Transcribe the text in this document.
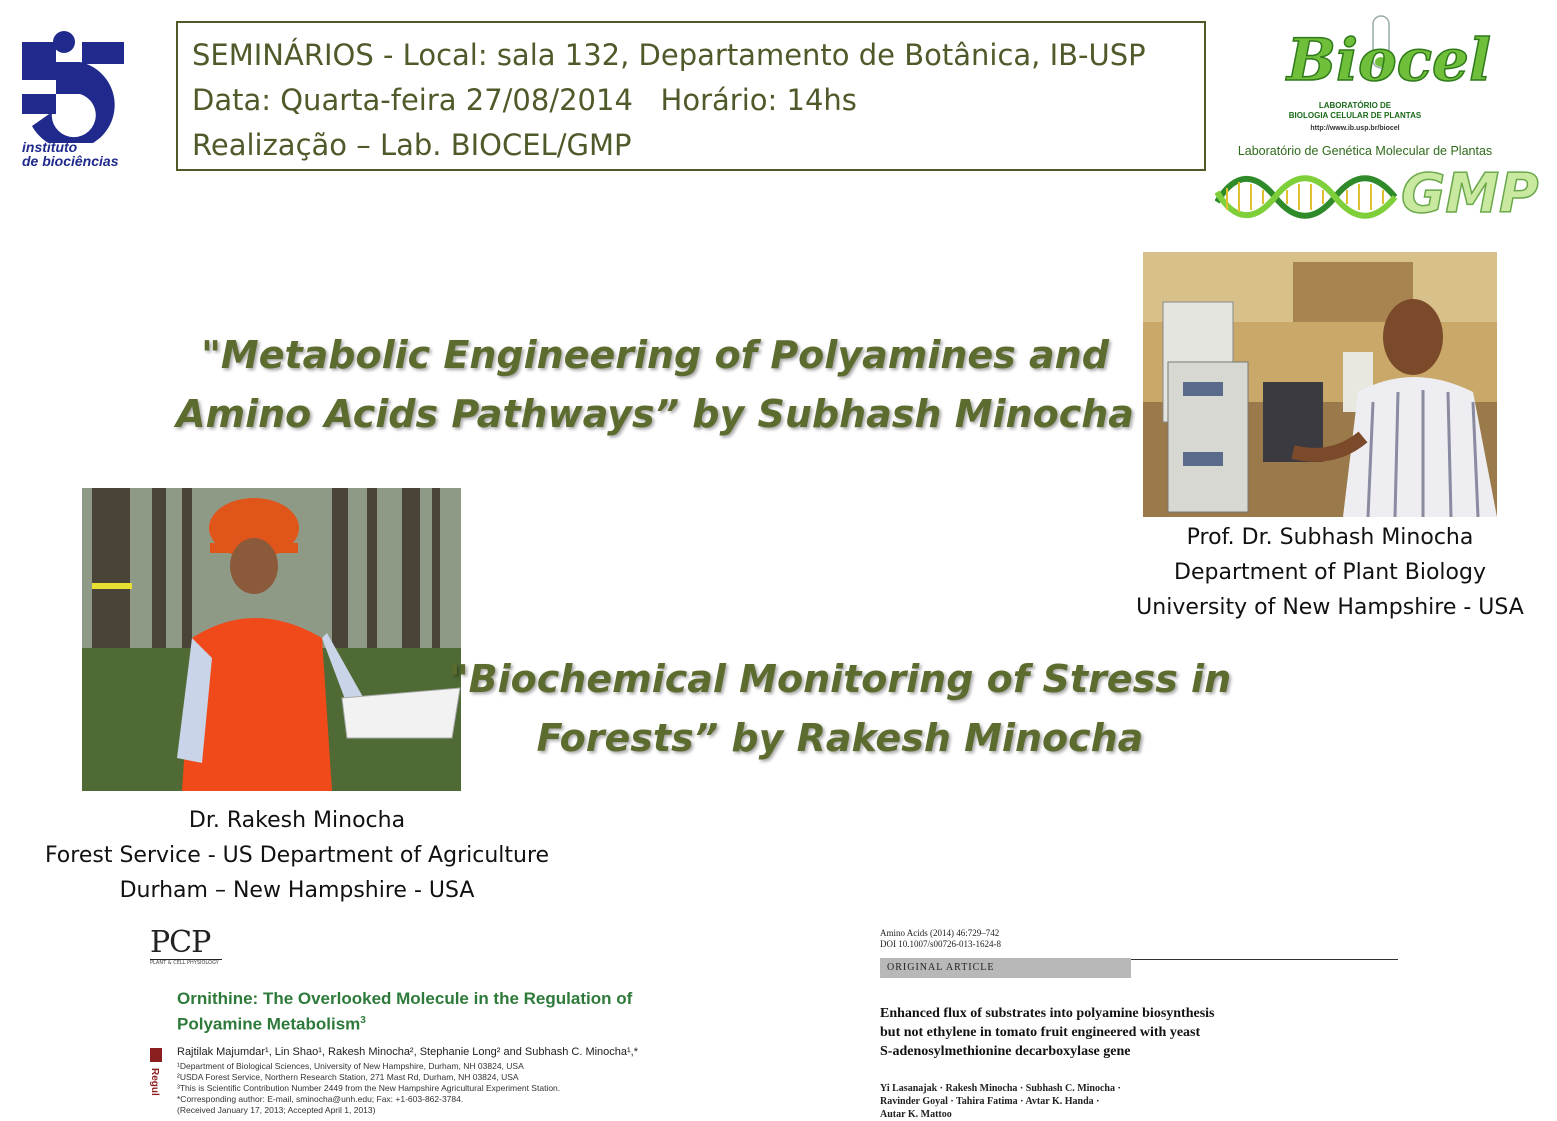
instituto
de biociências
SEMINÁRIOS - Local: sala 132, Departamento de Botânica, IB-USP
Data: Quarta-feira 27/08/2014   Horário: 14hs
Realização – Lab. BIOCEL/GMP
Biocel
LABORATÓRIO DE
BIOLOGIA CELULAR DE PLANTAS
http://www.ib.usp.br/biocel
Laboratório de Genética Molecular de Plantas
GMP
"Metabolic Engineering of Polyamines and
Amino Acids Pathways” by Subhash Minocha
Prof. Dr. Subhash Minocha
Department of Plant Biology
University of New Hampshire - USA
Dr. Rakesh Minocha
Forest Service - US Department of Agriculture
Durham – New Hampshire - USA
"Biochemical Monitoring of Stress in
Forests” by Rakesh Minocha
PCP
PLANT & CELL PHYSIOLOGY
Ornithine: The Overlooked Molecule in the Regulation of
Polyamine Metabolism$^3$
Rajtilak Majumdar¹, Lin Shao¹, Rakesh Minocha², Stephanie Long² and Subhash C. Minocha¹,*
¹Department of Biological Sciences, University of New Hampshire, Durham, NH 03824, USA
²USDA Forest Service, Northern Research Station, 271 Mast Rd, Durham, NH 03824, USA
³This is Scientific Contribution Number 2449 from the New Hampshire Agricultural Experiment Station.
*Corresponding author: E-mail, sminocha@unh.edu; Fax: +1-603-862-3784.
(Received January 17, 2013; Accepted April 1, 2013)
Regul
Amino Acids (2014) 46:729–742
DOI 10.1007/s00726-013-1624-8
ORIGINAL ARTICLE
Enhanced flux of substrates into polyamine biosynthesis
but not ethylene in tomato fruit engineered with yeast
S-adenosylmethionine decarboxylase gene
Yi Lasanajak · Rakesh Minocha · Subhash C. Minocha ·
Ravinder Goyal · Tahira Fatima · Avtar K. Handa ·
Autar K. Mattoo
